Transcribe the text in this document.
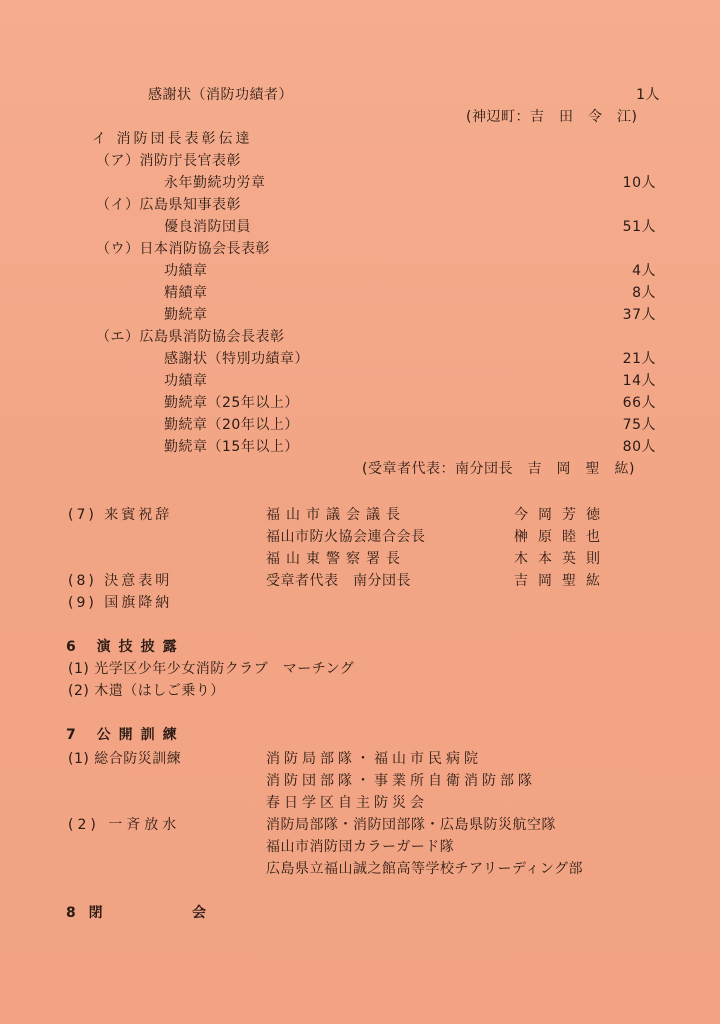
感謝状（消防功績者）	1人
(神辺町：吉　田　令　江)
イ 消防団長表彰伝達
（ア）消防庁長官表彰
永年勤続功労章	10人
（イ）広島県知事表彰
優良消防団員	51人
（ウ）日本消防協会長表彰
功績章	4人
精績章	8人
勤続章	37人
（エ）広島県消防協会長表彰
感謝状（特別功績章）	21人
功績章	14人
勤続章（25年以上）	66人
勤続章（20年以上）	75人
勤続章（15年以上）	80人
(受章者代表：南分団長　吉　岡　聖　紘)
(7) 来賓祝辞	福山市議会議長	今岡芳徳
福山市防火協会連合会長	榊原睦也
福山東警察署長	木本英則
(8) 決意表明	受章者代表　南分団長	吉岡聖紘
(9) 国旗降納
6 演技披露
(1) 光学区少年少女消防クラブ　マーチング
(2) 木遣（はしご乗り）
7 公開訓練
(1) 総合防災訓練	消防局部隊・福山市民病院
消防団部隊・事業所自衛消防部隊
春日学区自主防災会
(2) 一斉放水	消防局部隊・消防団部隊・広島県防災航空隊
福山市消防団カラーガード隊
広島県立福山誠之館高等学校チアリーディング部
8 閉	会
